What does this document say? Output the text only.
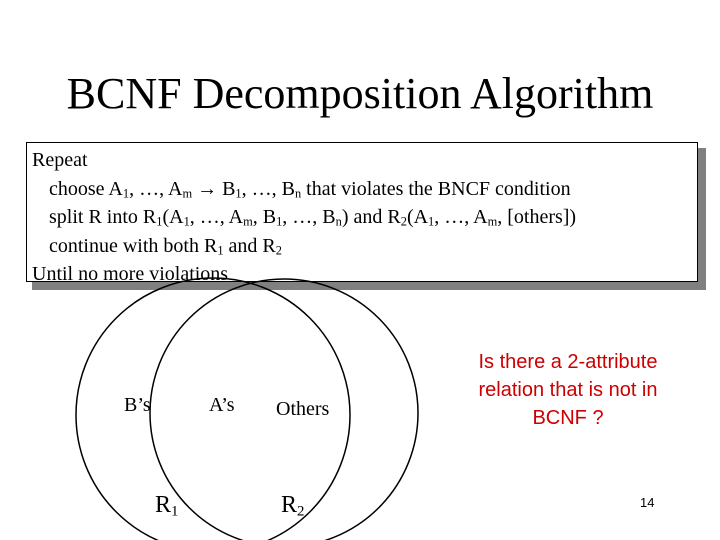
BCNF Decomposition Algorithm
Repeat
choose $A_1$, …, $A_m \to B_1$, …, $B_n$ that violates the BNCF condition
split R into $R_1(A_1$, …, $A_m$, $B_1$, …, $B_n$) and $R_2(A_1$, …, $A_m$, [others])
continue with both $R_1$ and $R_2$
Until no more violations
B’s	A’s Others
$R_1$	$R_2$
Is there a 2-attribute relation that is not in BCNF ?
14
